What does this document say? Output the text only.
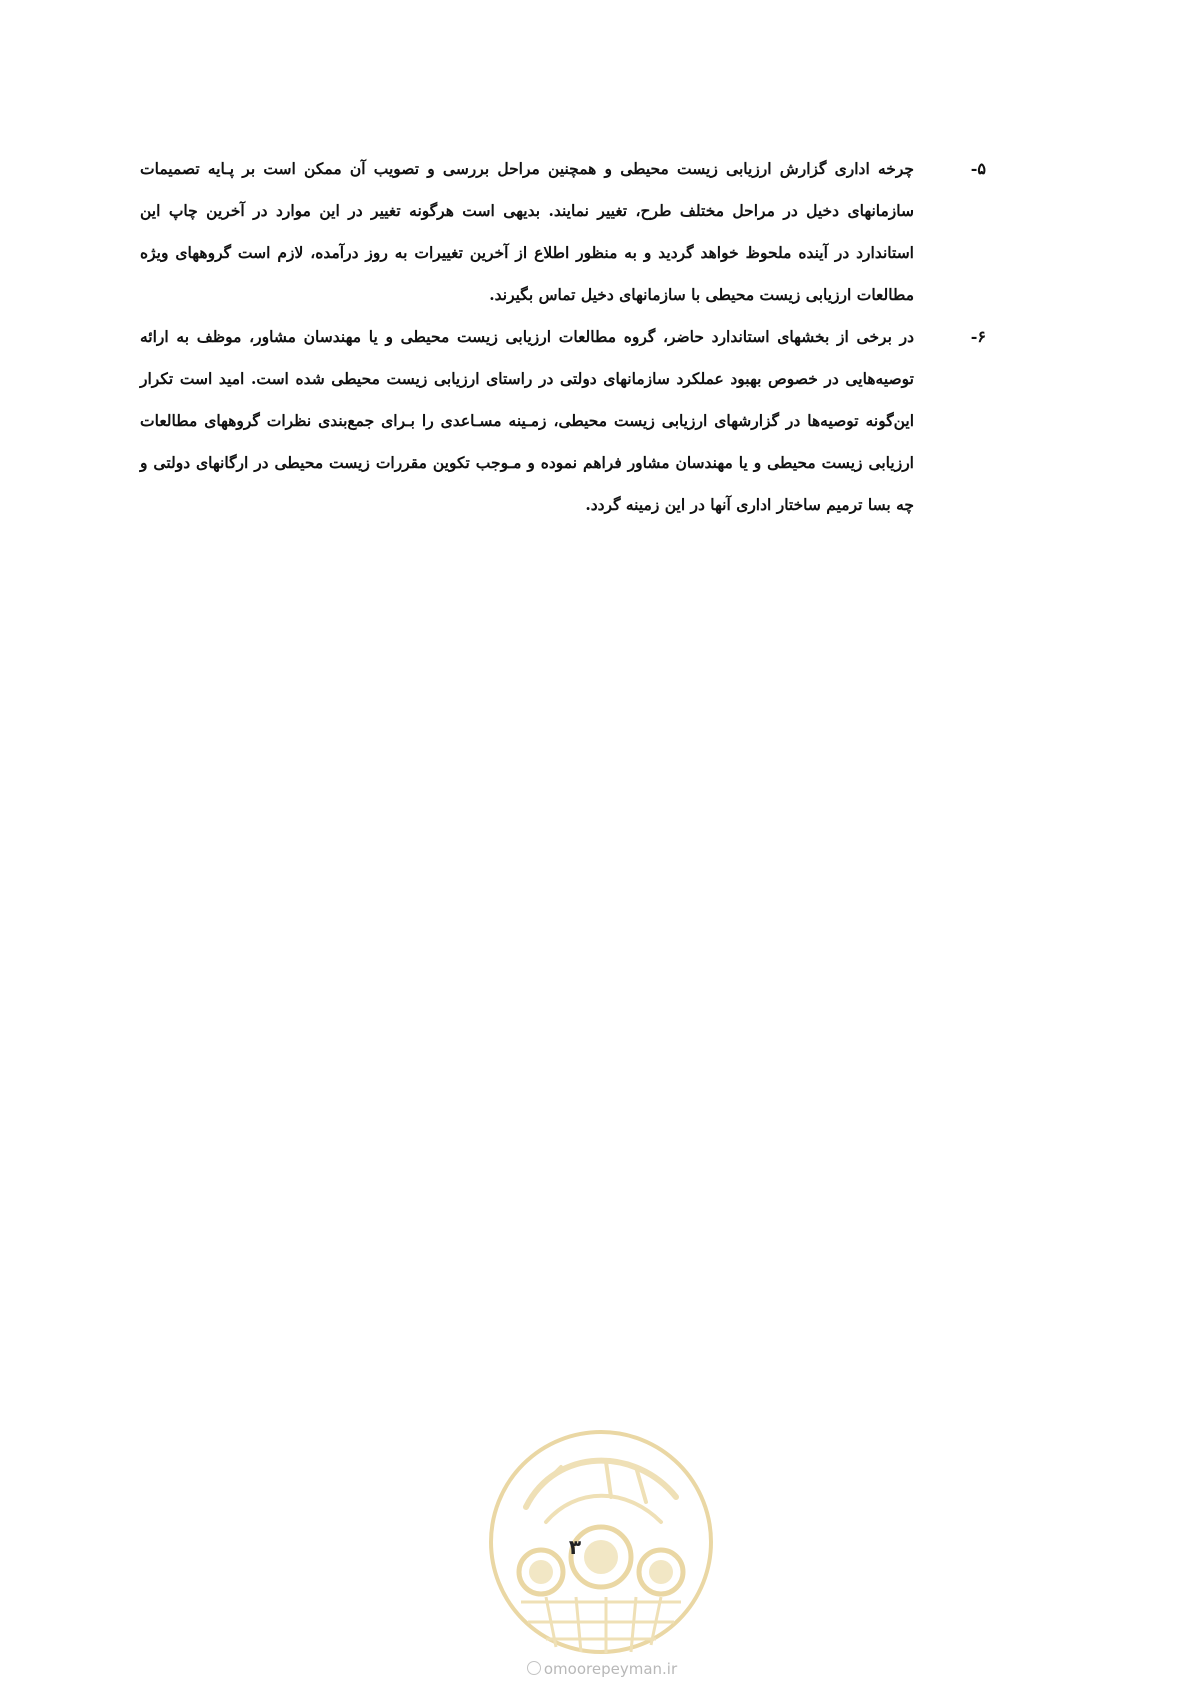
۵-
چرخه اداری گزارش ارزیابی زیست محیطی و همچنین مراحل بررسی و تصویب آن ممکن است بر پـایه تصمیمات سازمانهای دخیل در مراحل مختلف طرح، تغییر نمایند. بدیهی است هرگونه تغییر در این موارد در آخرین چاپ این استاندارد در آینده ملحوظ خواهد گردید و به منظور اطلاع از آخرین تغییرات به روز درآمده، لازم است گروههای ویژه مطالعات ارزیابی زیست محیطی با سازمانهای دخیل تماس بگیرند.
۶-
در برخی از بخشهای استاندارد حاضر، گروه مطالعات ارزیابی زیست محیطی و یا مهندسان مشاور، موظف به ارائه توصیه‌هایی در خصوص بهبود عملکرد سازمانهای دولتی در راستای ارزیابی زیست محیطی شده است. امید است تکرار این‌گونه توصیه‌ها در گزارشهای ارزیابی زیست محیطی، زمـینه مسـاعدی را بـرای جمع‌بندی نظرات گروههای مطالعات ارزیابی زیست محیطی و یا مهندسان مشاور فراهم نموده و مـوجب تکوین مقررات زیست محیطی در ارگانهای دولتی و چه بسا ترمیم ساختار اداری آنها در این زمینه گردد.
۳
omoorepeyman.ir
